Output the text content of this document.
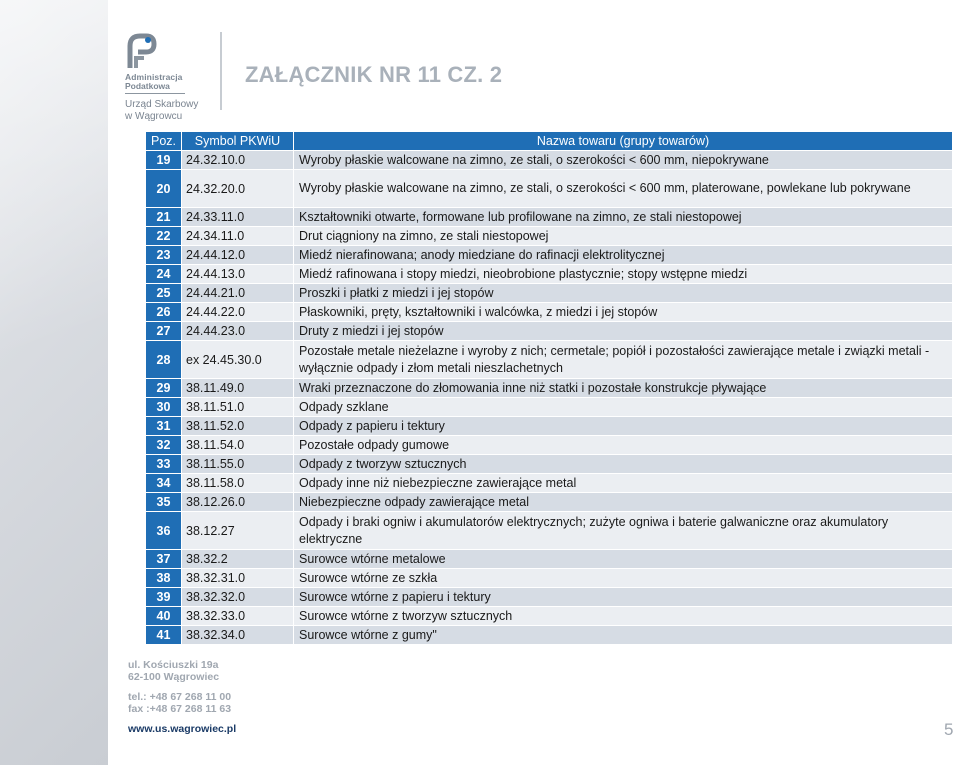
Administracja
Podatkowa
Urząd Skarbowy
w Wągrowcu
ZAŁĄCZNIK NR 11 CZ. 2
Poz.	Symbol PKWiU	Nazwa towaru (grupy towarów)
19	24.32.10.0	Wyroby płaskie walcowane na zimno, ze stali, o szerokości < 600 mm, niepokrywane
20	24.32.20.0	Wyroby płaskie walcowane na zimno, ze stali, o szerokości < 600 mm, platerowane, powlekane lub pokrywane
21	24.33.11.0	Kształtowniki otwarte, formowane lub profilowane na zimno, ze stali niestopowej
22	24.34.11.0	Drut ciągniony na zimno, ze stali niestopowej
23	24.44.12.0	Miedź nierafinowana; anody miedziane do rafinacji elektrolitycznej
24	24.44.13.0	Miedź rafinowana i stopy miedzi, nieobrobione plastycznie; stopy wstępne miedzi
25	24.44.21.0	Proszki i płatki z miedzi i jej stopów
26	24.44.22.0	Płaskowniki, pręty, kształtowniki i walcówka, z miedzi i jej stopów
27	24.44.23.0	Druty z miedzi i jej stopów
28	ex 24.45.30.0	Pozostałe metale nieżelazne i wyroby z nich; cermetale; popiół i pozostałości zawierające metale i związki metali - wyłącznie odpady i złom metali nieszlachetnych
29	38.11.49.0	Wraki przeznaczone do złomowania inne niż statki i pozostałe konstrukcje pływające
30	38.11.51.0	Odpady szklane
31	38.11.52.0	Odpady z papieru i tektury
32	38.11.54.0	Pozostałe odpady gumowe
33	38.11.55.0	Odpady z tworzyw sztucznych
34	38.11.58.0	Odpady inne niż niebezpieczne zawierające metal
35	38.12.26.0	Niebezpieczne odpady zawierające metal
36	38.12.27	Odpady i braki ogniw i akumulatorów elektrycznych; zużyte ogniwa i baterie galwaniczne oraz akumulatory elektryczne
37	38.32.2	Surowce wtórne metalowe
38	38.32.31.0	Surowce wtórne ze szkła
39	38.32.32.0	Surowce wtórne z papieru i tektury
40	38.32.33.0	Surowce wtórne z tworzyw sztucznych
41	38.32.34.0	Surowce wtórne z gumy"
ul. Kościuszki 19a
62-100 Wągrowiec
tel.: +48 67 268 11 00
fax :+48 67 268 11 63
www.us.wagrowiec.pl	5
